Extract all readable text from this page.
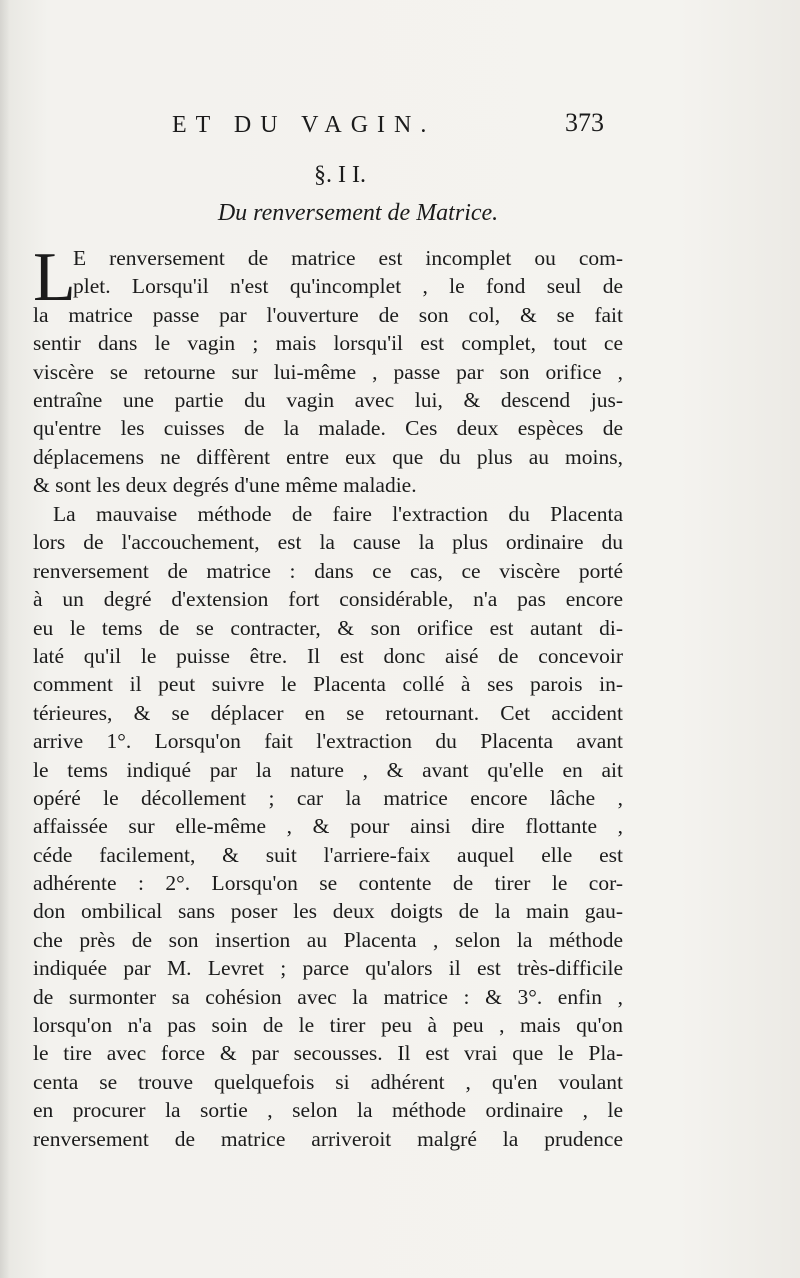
ET DU VAGIN.	373
§. I I.
Du renversement de Matrice.
L
E renversement de matrice est incomplet ou com-
plet. Lorsqu'il n'est qu'incomplet , le fond seul de
la matrice passe par l'ouverture de son col, & se fait
sentir dans le vagin ; mais lorsqu'il est complet, tout ce
viscère se retourne sur lui-même , passe par son orifice ,
entraîne une partie du vagin avec lui, & descend jus-
qu'entre les cuisses de la malade. Ces deux espèces de
déplacemens ne diffèrent entre eux que du plus au moins,
& sont les deux degrés d'une même maladie.
La mauvaise méthode de faire l'extraction du Placenta
lors de l'accouchement, est la cause la plus ordinaire du
renversement de matrice : dans ce cas, ce viscère porté
à un degré d'extension fort considérable, n'a pas encore
eu le tems de se contracter, & son orifice est autant di-
laté qu'il le puisse être. Il est donc aisé de concevoir
comment il peut suivre le Placenta collé à ses parois in-
térieures, & se déplacer en se retournant. Cet accident
arrive 1°. Lorsqu'on fait l'extraction du Placenta avant
le tems indiqué par la nature , & avant qu'elle en ait
opéré le décollement ; car la matrice encore lâche ,
affaissée sur elle-même , & pour ainsi dire flottante ,
céde facilement, & suit l'arriere-faix auquel elle est
adhérente : 2°. Lorsqu'on se contente de tirer le cor-
don ombilical sans poser les deux doigts de la main gau-
che près de son insertion au Placenta , selon la méthode
indiquée par M. Levret ; parce qu'alors il est très-difficile
de surmonter sa cohésion avec la matrice : & 3°. enfin ,
lorsqu'on n'a pas soin de le tirer peu à peu , mais qu'on
le tire avec force & par secousses. Il est vrai que le Pla-
centa se trouve quelquefois si adhérent , qu'en voulant
en procurer la sortie , selon la méthode ordinaire , le
renversement de matrice arriveroit malgré la prudence
